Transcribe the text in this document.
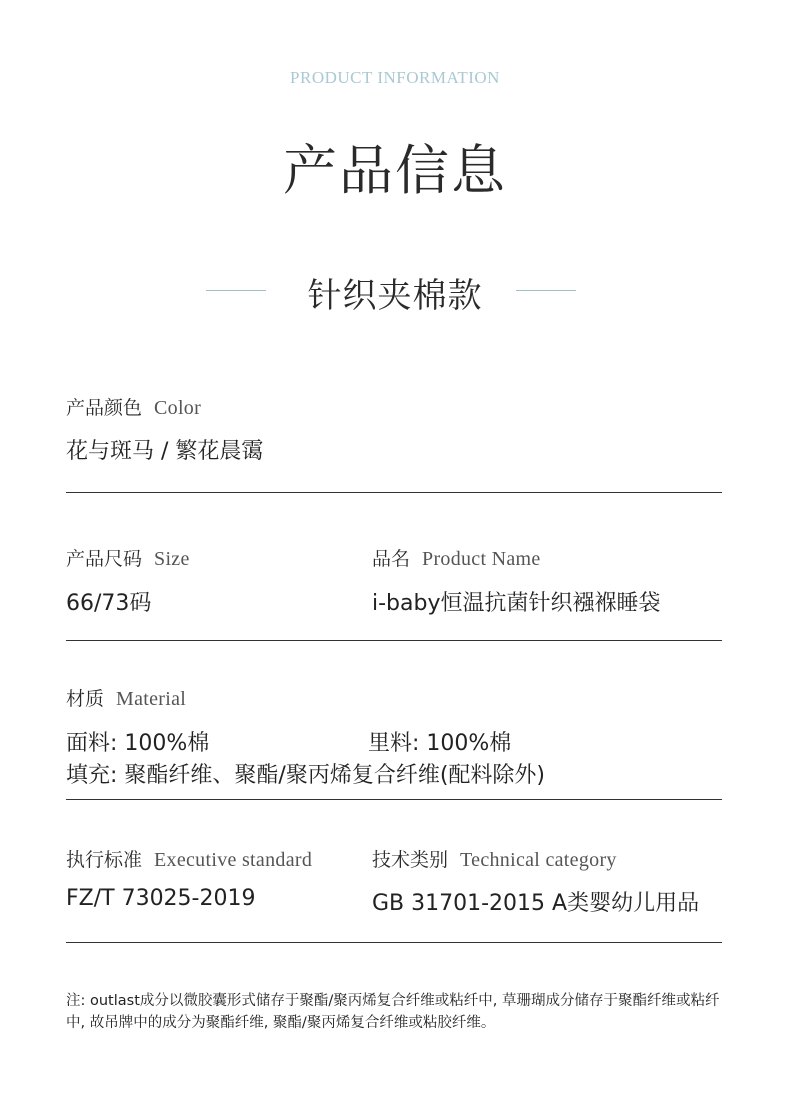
PRODUCT INFORMATION
产品信息
针织夹棉款
产品颜色 Color
花与斑马 / 繁花晨霭
产品尺码 Size
66/73码
品名 Product Name
i-baby恒温抗菌针织襁褓睡袋
材质 Material
面料: 100%棉	里料: 100%棉
填充: 聚酯纤维、聚酯/聚丙烯复合纤维(配料除外)
执行标准 Executive standard
FZ/T 73025-2019
技术类别 Technical category
GB 31701-2015 A类婴幼儿用品
注: outlast成分以微胶囊形式储存于聚酯/聚丙烯复合纤维或粘纤中, 草珊瑚成分储存于聚酯纤维或粘纤中, 故吊牌中的成分为聚酯纤维, 聚酯/聚丙烯复合纤维或粘胶纤维。
